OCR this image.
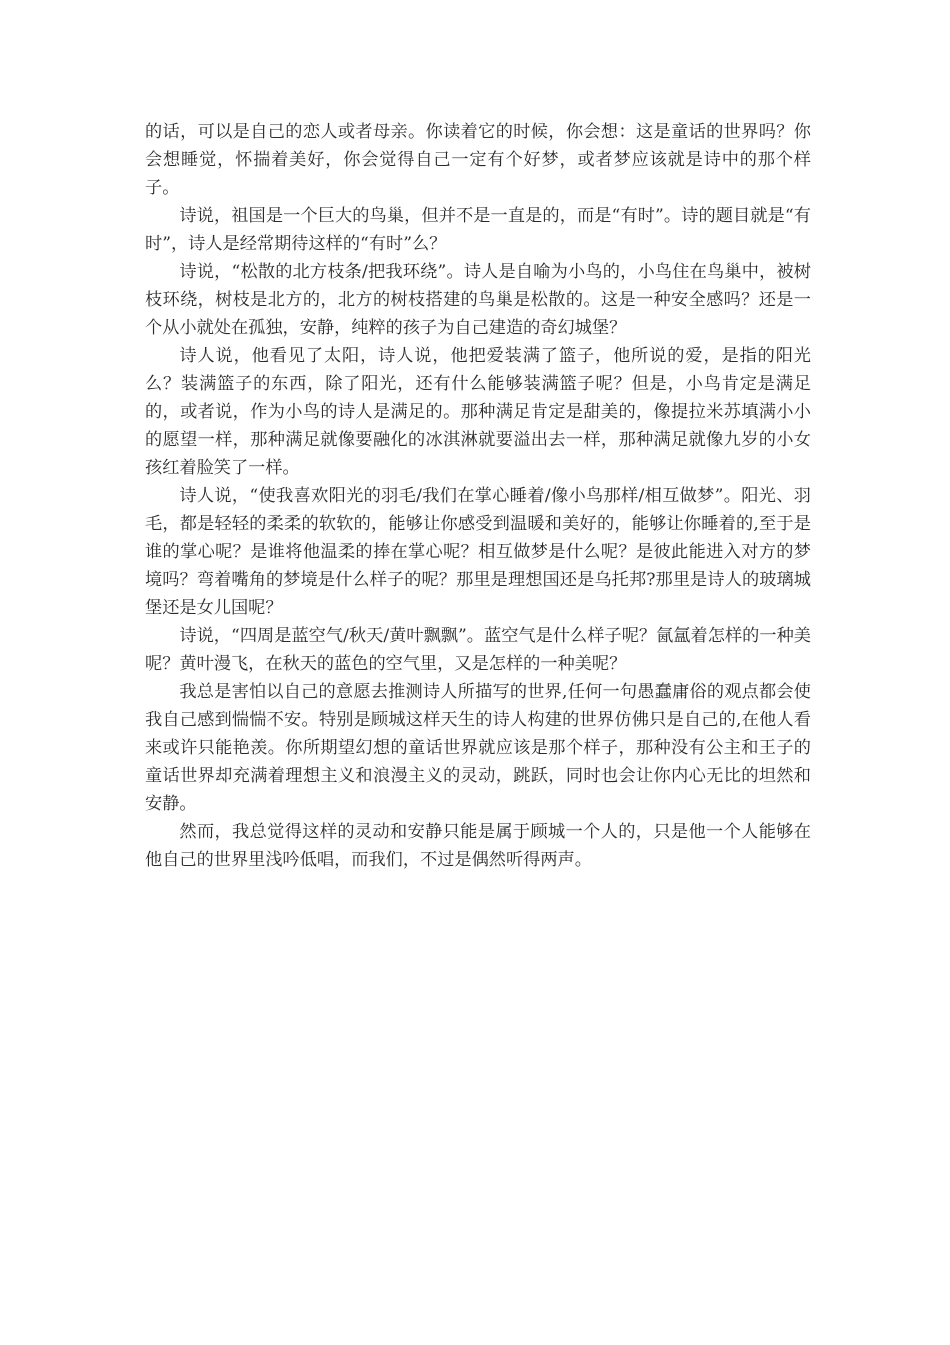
的话，可以是自己的恋人或者母亲。你读着它的时候，你会想：这是童话的世界吗？你会想睡觉，怀揣着美好，你会觉得自己一定有个好梦，或者梦应该就是诗中的那个样子。

诗说，祖国是一个巨大的鸟巢，但并不是一直是的，而是“有时”。诗的题目就是“有时”，诗人是经常期待这样的“有时”么？

诗说，“松散的北方枝条/把我环绕”。诗人是自喻为小鸟的，小鸟住在鸟巢中，被树枝环绕，树枝是北方的，北方的树枝搭建的鸟巢是松散的。这是一种安全感吗？还是一个从小就处在孤独，安静，纯粹的孩子为自己建造的奇幻城堡？

诗人说，他看见了太阳，诗人说，他把爱装满了篮子，他所说的爱，是指的阳光么？装满篮子的东西，除了阳光，还有什么能够装满篮子呢？但是，小鸟肯定是满足的，或者说，作为小鸟的诗人是满足的。那种满足肯定是甜美的，像提拉米苏填满小小的愿望一样，那种满足就像要融化的冰淇淋就要溢出去一样，那种满足就像九岁的小女孩红着脸笑了一样。

诗人说，“使我喜欢阳光的羽毛/我们在掌心睡着/像小鸟那样/相互做梦”。阳光、羽毛，都是轻轻的柔柔的软软的，能够让你感受到温暖和美好的，能够让你睡着的,至于是谁的掌心呢？是谁将他温柔的捧在掌心呢？相互做梦是什么呢？是彼此能进入对方的梦境吗？弯着嘴角的梦境是什么样子的呢？那里是理想国还是乌托邦?那里是诗人的玻璃城堡还是女儿国呢？

诗说，“四周是蓝空气/秋天/黄叶飘飘”。蓝空气是什么样子呢？氤氲着怎样的一种美呢？黄叶漫飞，在秋天的蓝色的空气里，又是怎样的一种美呢？

我总是害怕以自己的意愿去推测诗人所描写的世界,任何一句愚蠢庸俗的观点都会使我自己感到惴惴不安。特别是顾城这样天生的诗人构建的世界仿佛只是自己的,在他人看来或许只能艳羡。你所期望幻想的童话世界就应该是那个样子，那种没有公主和王子的童话世界却充满着理想主义和浪漫主义的灵动，跳跃，同时也会让你内心无比的坦然和安静。

然而，我总觉得这样的灵动和安静只能是属于顾城一个人的，只是他一个人能够在他自己的世界里浅吟低唱，而我们，不过是偶然听得两声。
